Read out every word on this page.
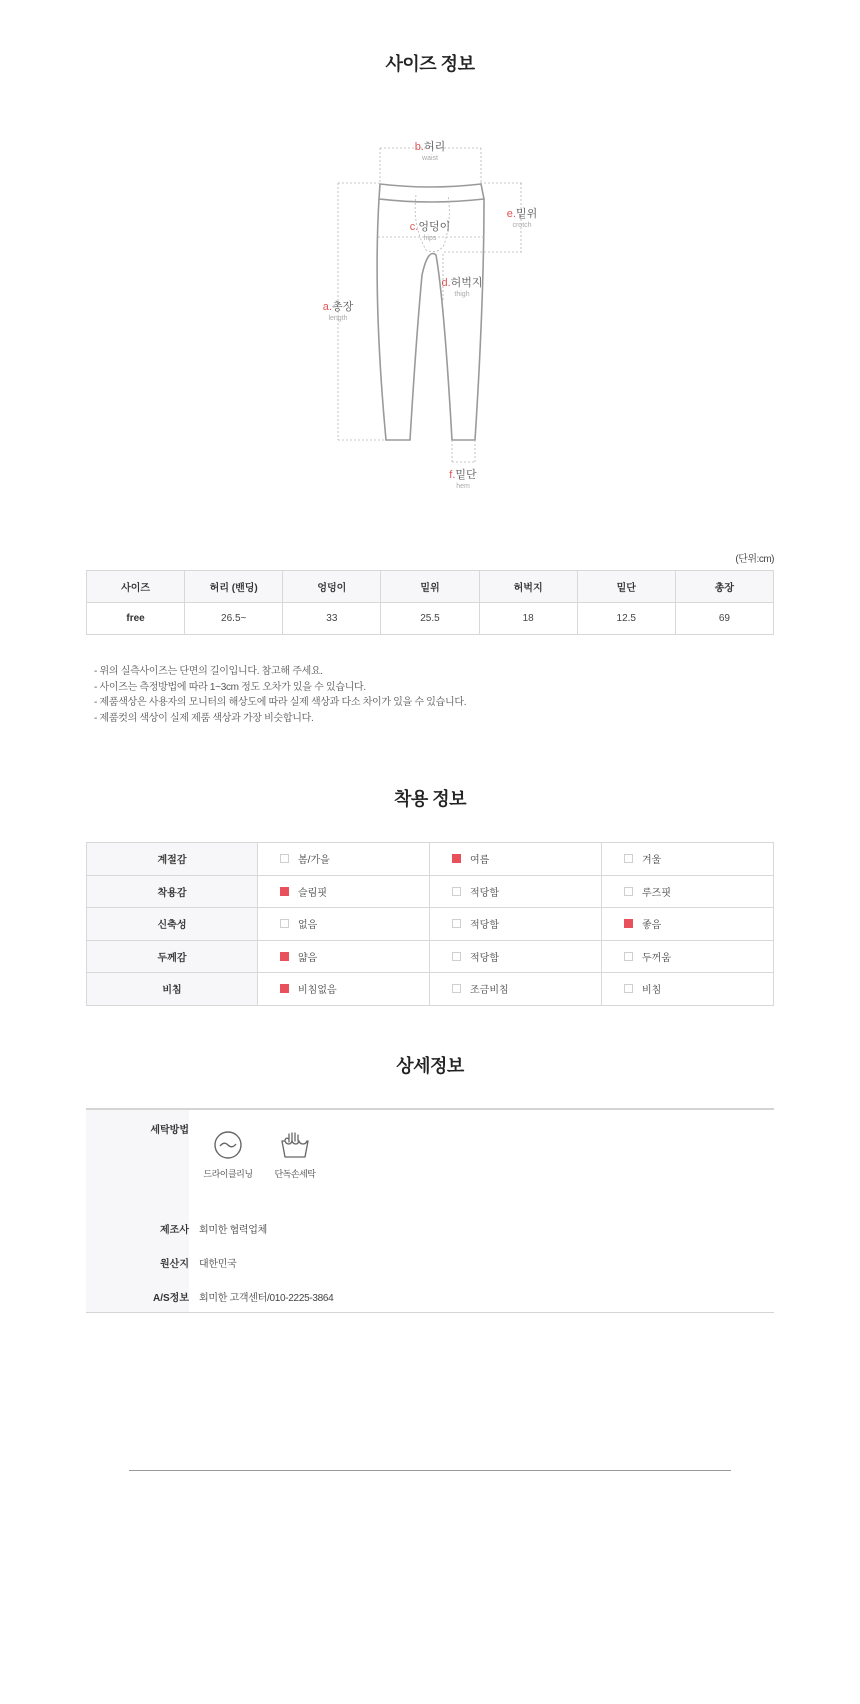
사이즈 정보
b.허리
waist
c.엉덩이
hips
e.밑위
crotch
d.허벅지
thigh
a.총장
length
f.밑단
hem
(단위:cm)
사이즈	허리 (밴딩)	엉덩이	밑위	허벅지	밑단	총장
free	26.5~	33	25.5	18	12.5	69
- 위의 실측사이즈는 단면의 길이입니다. 참고해 주세요.
- 사이즈는 측정방법에 따라 1~3cm 정도 오차가 있을 수 있습니다.
- 제품색상은 사용자의 모니터의 해상도에 따라 실제 색상과 다소 차이가 있을 수 있습니다.
- 제품컷의 색상이 실제 제품 색상과 가장 비슷합니다.
착용 정보
계절감	봄/가을	여름	겨울
착용감	슬림핏	적당함	루즈핏
신축성	없음	적당함	좋음
두께감	얇음	적당함	두꺼움
비침	비침없음	조금비침	비침
상세정보
세탁방법
드라이클리닝	단독손세탁
제조사 회미한 협력업체
원산지 대한민국
A/S정보 회미한 고객센터/010-2225-3864
